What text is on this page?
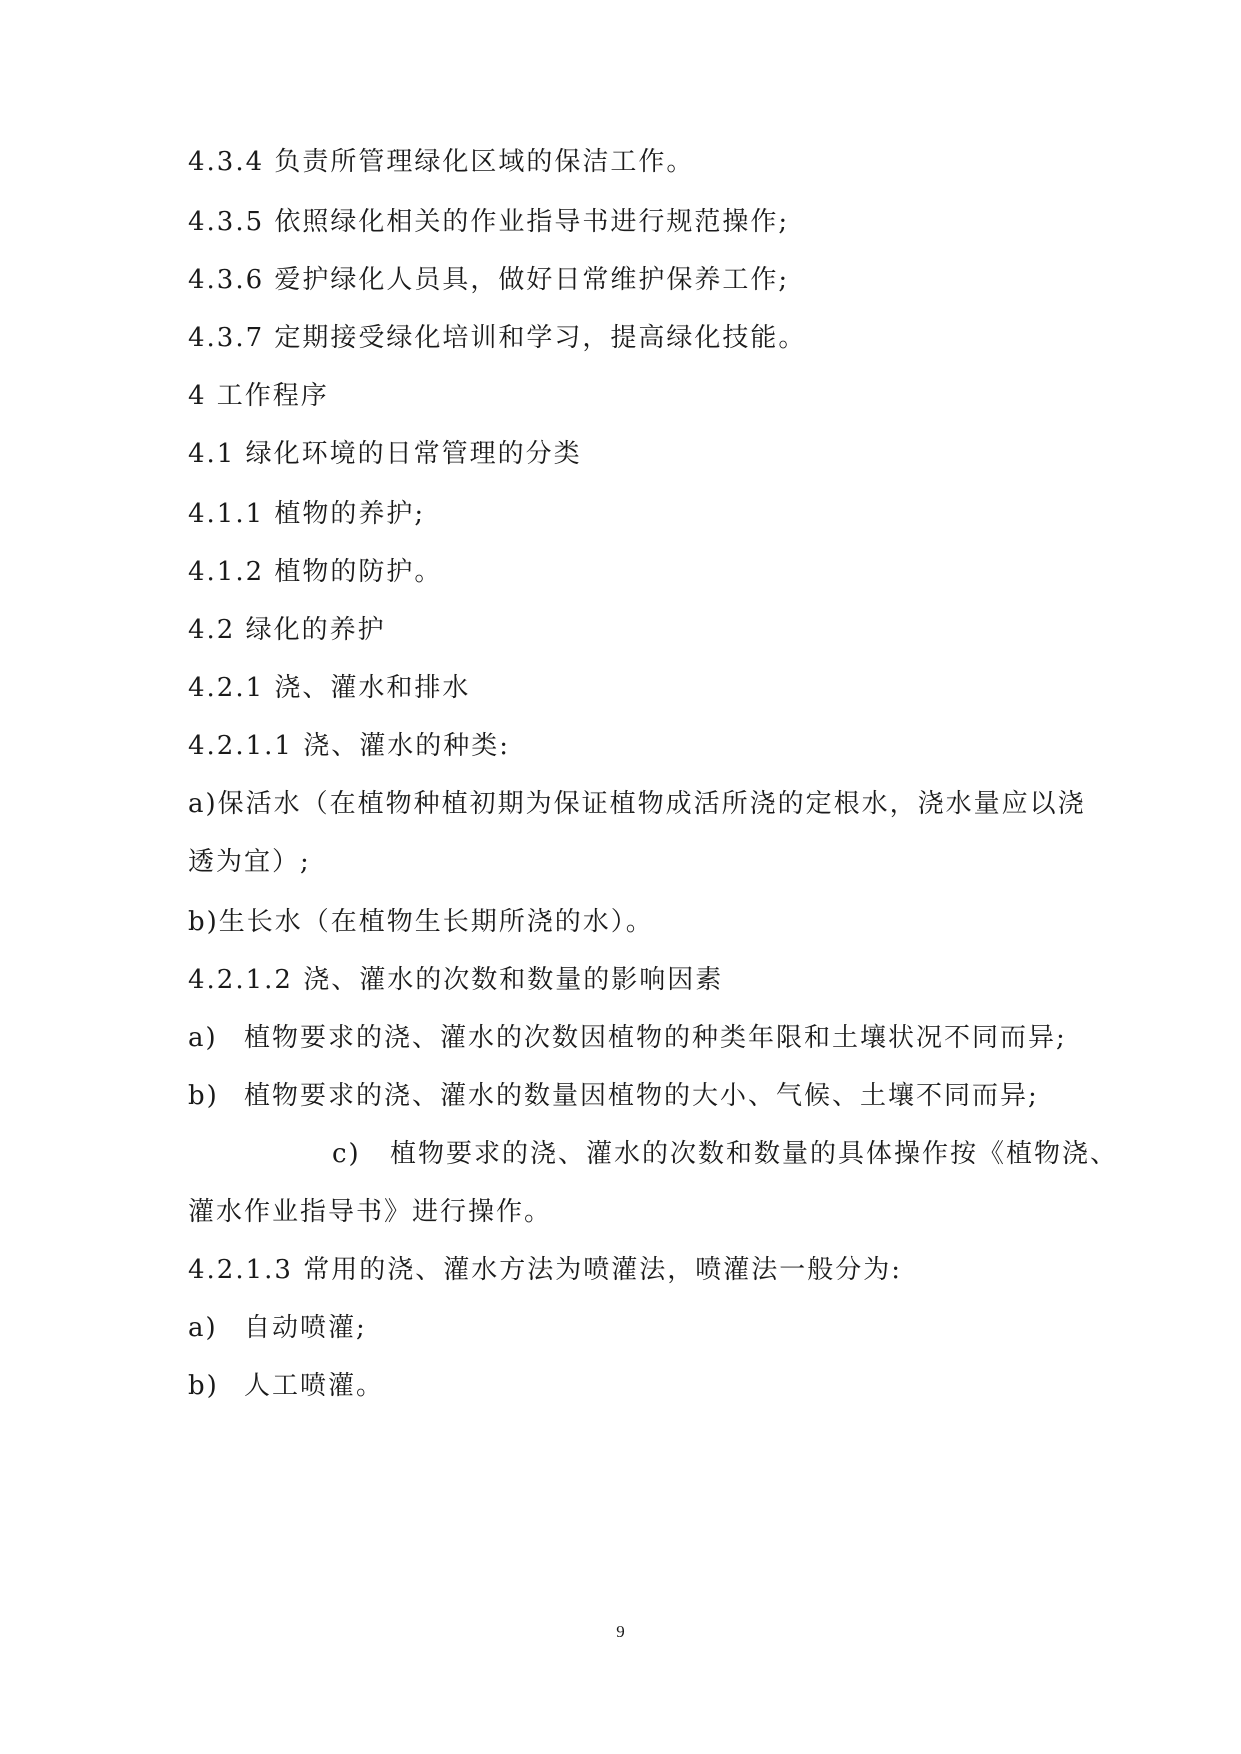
4.3.4 负责所管理绿化区域的保洁工作。
4.3.5 依照绿化相关的作业指导书进行规范操作;
4.3.6 爱护绿化人员具，做好日常维护保养工作;
4.3.7 定期接受绿化培训和学习，提高绿化技能。
4 工作程序
4.1 绿化环境的日常管理的分类
4.1.1 植物的养护;
4.1.2 植物的防护。
4.2 绿化的养护
4.2.1 浇、灌水和排水
4.2.1.1 浇、灌水的种类:
a)保活水（在植物种植初期为保证植物成活所浇的定根水，浇水量应以浇
透为宜）;
b)生长水（在植物生长期所浇的水）。
4.2.1.2 浇、灌水的次数和数量的影响因素
a) 植物要求的浇、灌水的次数因植物的种类年限和土壤状况不同而异;
b) 植物要求的浇、灌水的数量因植物的大小、气候、土壤不同而异;
c) 植物要求的浇、灌水的次数和数量的具体操作按《植物浇、
灌水作业指导书》进行操作。
4.2.1.3 常用的浇、灌水方法为喷灌法，喷灌法一般分为:
a) 自动喷灌;
b) 人工喷灌。
9
